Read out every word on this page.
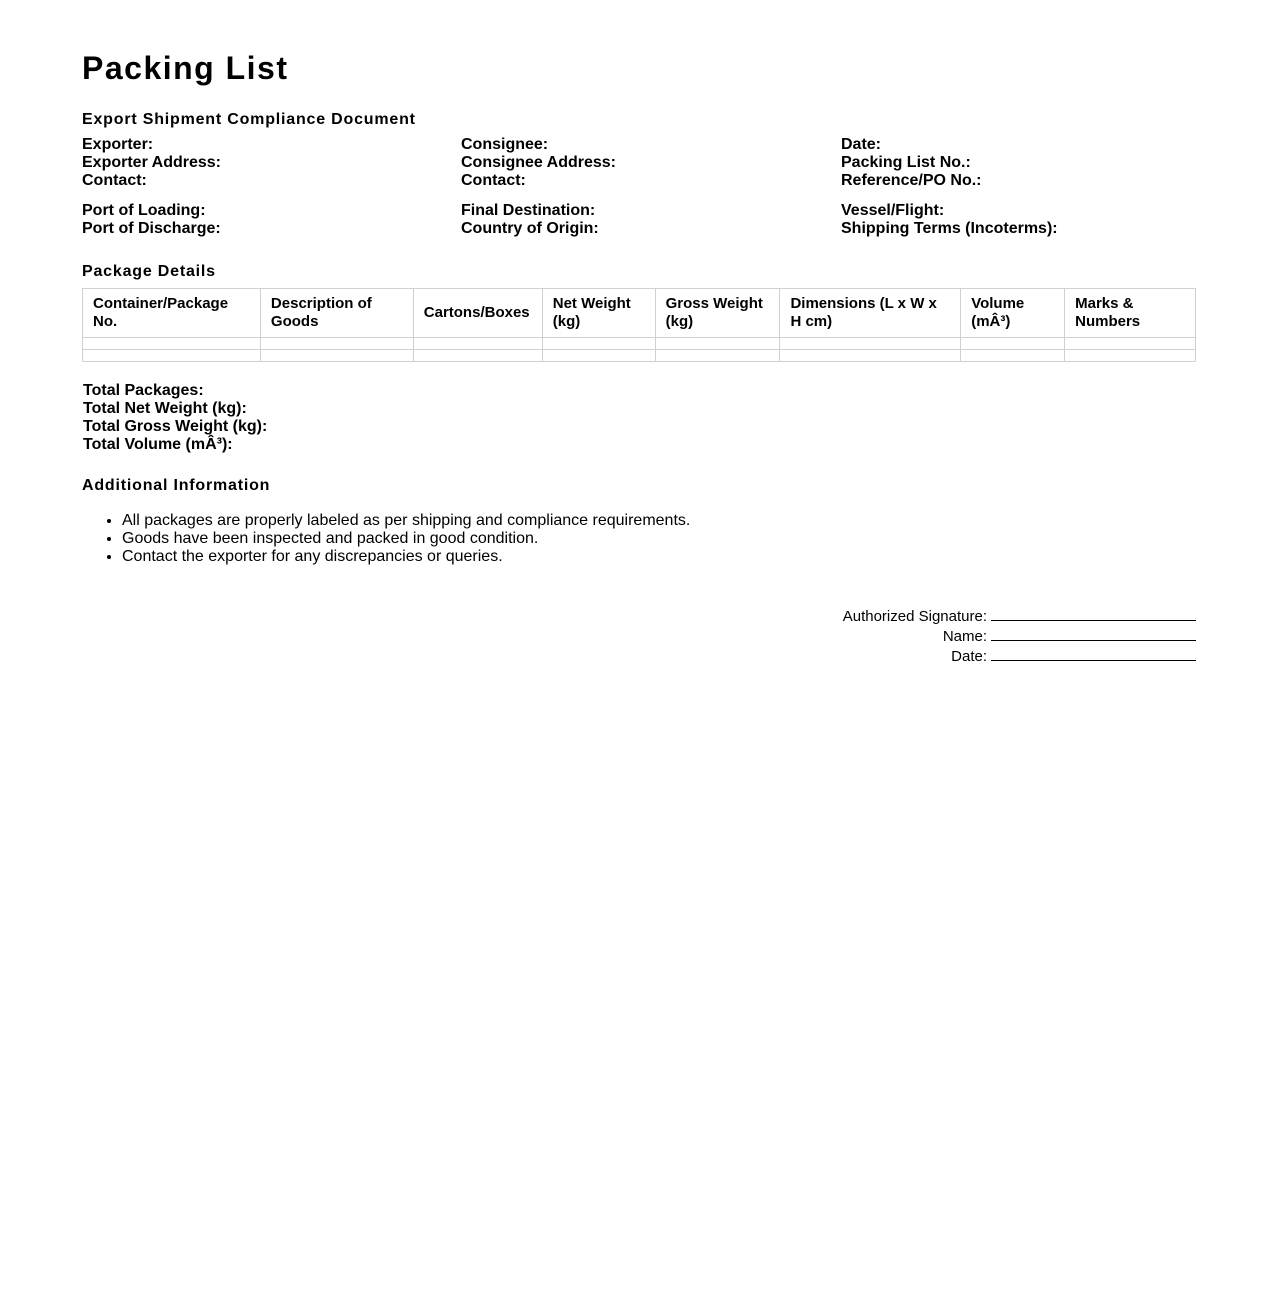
Packing List
Export Shipment Compliance Document
Exporter:	Consignee:	Date:
Exporter Address:	Consignee Address:	Packing List No.:
Contact:	Contact:	Reference/PO No.:
Port of Loading:	Final Destination:	Vessel/Flight:
Port of Discharge:	Country of Origin:	Shipping Terms (Incoterms):
Package Details
Container/Package No.	Description of Goods	Cartons/Boxes	Net Weight (kg)	Gross Weight (kg)	Dimensions (L x W x H cm)	Volume (mÂ³)	Marks & Numbers

Total Packages:
Total Net Weight (kg):
Total Gross Weight (kg):
Total Volume (mÂ³):
Additional Information
• All packages are properly labeled as per shipping and compliance requirements.
• Goods have been inspected and packed in good condition.
• Contact the exporter for any discrepancies or queries.
Authorized Signature:
Name:
Date:
